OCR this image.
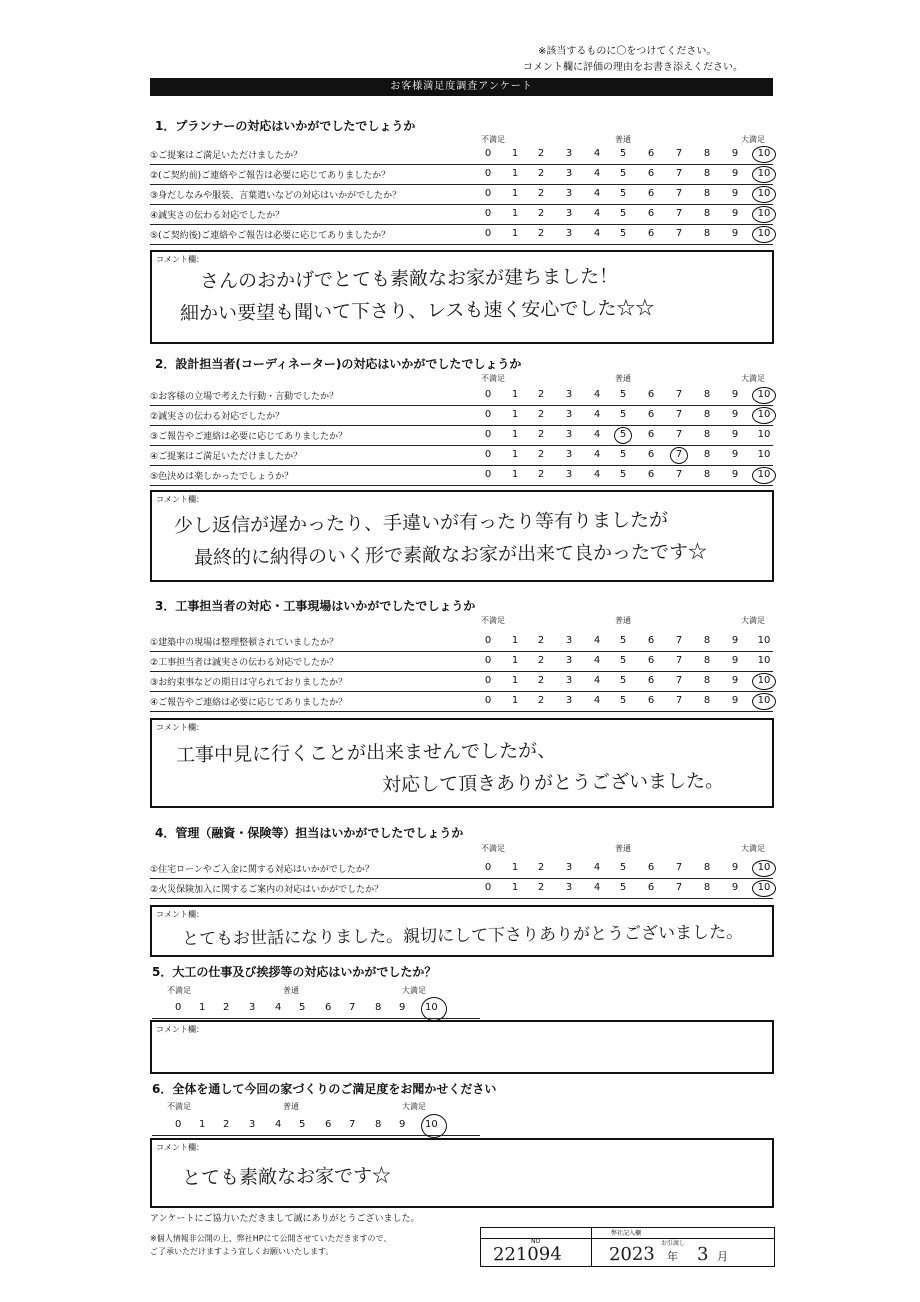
※該当するものに〇をつけてください。
コメント欄に評価の理由をお書き添えください。
お客様満足度調査アンケート
1．プランナーの対応はいかがでしたでしょうか
不満足	普通	大満足
コメント欄：
さんのおかげでとても素敵なお家が建ちました！
細かい要望も聞いて下さり、レスも速く安心でした☆☆
2．設計担当者(コーディネーター)の対応はいかがでしたでしょうか
不満足	普通	大満足
コメント欄：
少し返信が遅かったり、手違いが有ったり等有りましたが
最終的に納得のいく形で素敵なお家が出来て良かったです☆
3．工事担当者の対応・工事現場はいかがでしたでしょうか
不満足	普通	大満足
コメント欄：
工事中見に行くことが出来ませんでしたが、
対応して頂きありがとうございました。
4．管理（融資・保険等）担当はいかがでしたでしょうか
不満足	普通	大満足
コメント欄：
とてもお世話になりました。親切にして下さりありがとうございました。
5．大工の仕事及び挨拶等の対応はいかがでしたか？
不満足	普通	大満足
コメント欄：
6．全体を通して今回の家づくりのご満足度をお聞かせください
不満足	普通	大満足
コメント欄：
とても素敵なお家です☆
アンケートにご協力いただきまして誠にありがとうございました。
※個人情報非公開の上、弊社HPにて公開させていただきますので、
ご了承いただけますよう宜しくお願いいたします。
弊社記入欄
NO	お引渡し
221094	2023 年 3 月
①ご提案はご満足いただけましたか？	0	1	2	3	4	5	6	7	8	9	10
②(ご契約前)ご連絡やご報告は必要に応じてありましたか？	0	1	2	3	4	5	6	7	8	9	10
③身だしなみや服装、言葉遣いなどの対応はいかがでしたか？	0	1	2	3	4	5	6	7	8	9	10
④誠実さの伝わる対応でしたか？	0	1	2	3	4	5	6	7	8	9	10
⑤(ご契約後)ご連絡やご報告は必要に応じてありましたか？	0	1	2	3	4	5	6	7	8	9	10
①お客様の立場で考えた行動・言動でしたか？	0	1	2	3	4	5	6	7	8	9	10
②誠実さの伝わる対応でしたか？	0	1	2	3	4	5	6	7	8	9	10
③ご報告やご連絡は必要に応じてありましたか？	0	1	2	3	4	5	6	7	8	9	10
④ご提案はご満足いただけましたか？	0	1	2	3	4	5	6	7	8	9	10
⑤色決めは楽しかったでしょうか？	0	1	2	3	4	5	6	7	8	9	10
①建築中の現場は整理整頓されていましたか？	0	1	2	3	4	5	6	7	8	9	10
②工事担当者は誠実さの伝わる対応でしたか？	0	1	2	3	4	5	6	7	8	9	10
③お約束事などの期日は守られておりましたか？	0	1	2	3	4	5	6	7	8	9	10
④ご報告やご連絡は必要に応じてありましたか？	0	1	2	3	4	5	6	7	8	9	10
①住宅ローンやご入金に関する対応はいかがでしたか？	0	1	2	3	4	5	6	7	8	9	10
②火災保険加入に関するご案内の対応はいかがでしたか？	0	1	2	3	4	5	6	7	8	9	10
0 1 2 3 4 5 6 7 8 9 10
0 1 2 3 4 5 6 7 8 9 10
